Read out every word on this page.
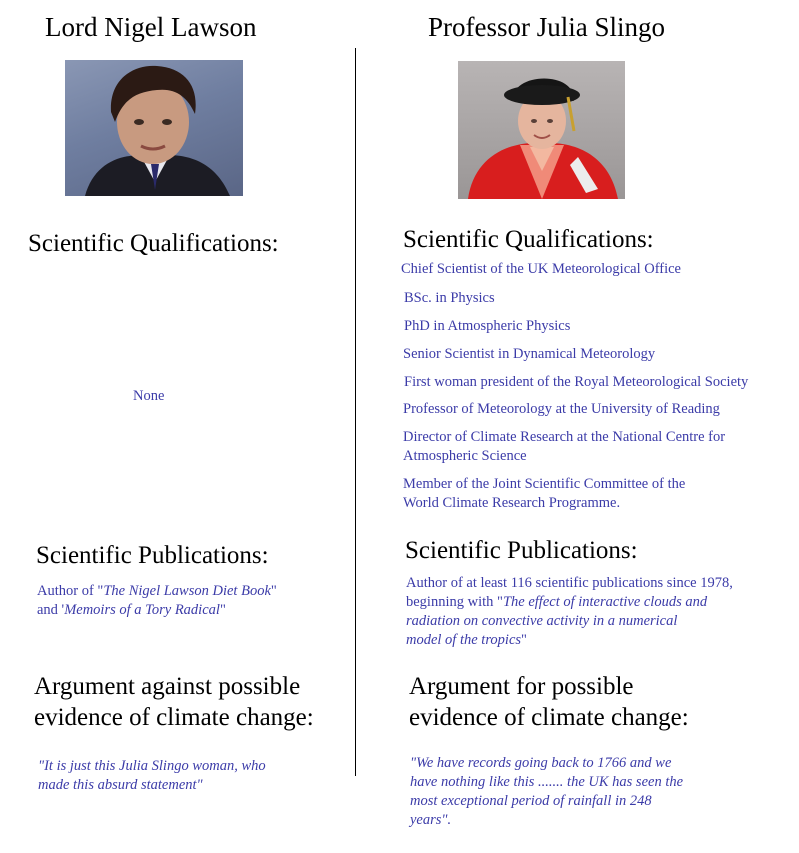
Lord Nigel Lawson
Scientific Qualifications:
None
Scientific Publications:
Author of "The Nigel Lawson Diet Book"
and 'Memoirs of a Tory Radical"
Argument against possible
evidence of climate change:
"It is just this Julia Slingo woman, who
made this absurd statement"
Professor Julia Slingo
Scientific Qualifications:
Chief Scientist of the UK Meteorological Office
BSc. in Physics
PhD in Atmospheric Physics
Senior Scientist in Dynamical Meteorology
First woman president of the Royal Meteorological Society
Professor of Meteorology at the University of Reading
Director of Climate Research at the National Centre for
Atmospheric Science
Member of the Joint Scientific Committee of the
World Climate Research Programme.
Scientific Publications:
Author of at least 116 scientific publications since 1978,
beginning with "The effect of interactive clouds and
radiation on convective activity in a numerical
model of the tropics"
Argument for possible
evidence of climate change:
"We have records going back to 1766 and we
have nothing like this ....... the UK has seen the
most exceptional period of rainfall in 248
years".
